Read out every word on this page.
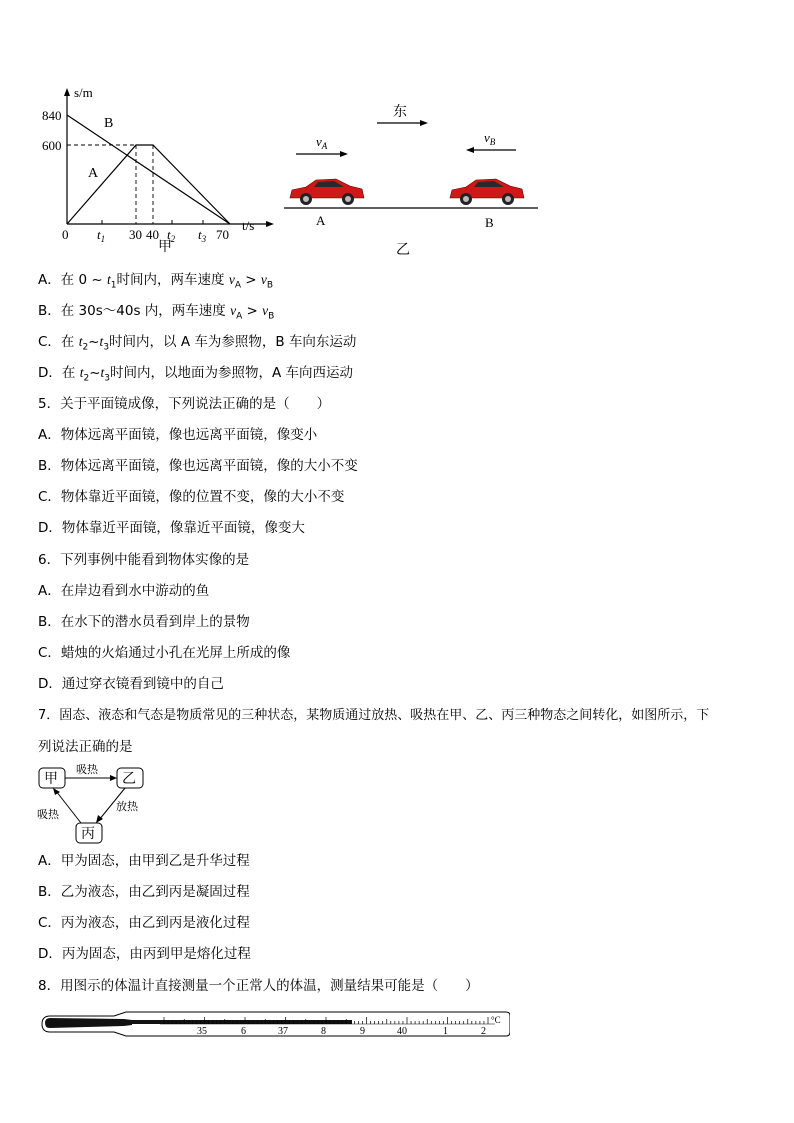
s/m
840
600
B
A
0 $t_1$ 30 40 $t_2$ $t_3$ 70
t/s
甲
东
$v_A$
$v_B$
A	B
乙
A．在 0 ~ $t_1$时间内，两车速度 $v_A > v_B$
B．在 30s～40s 内，两车速度 $v_A > v_B$
C．在 $t_2\sim t_3$时间内，以 A 车为参照物，B 车向东运动
D．在 $t_2\sim t_3$时间内，以地面为参照物，A 车向西运动
5．关于平面镜成像，下列说法正确的是（　　）
A．物体远离平面镜，像也远离平面镜，像变小
B．物体远离平面镜，像也远离平面镜，像的大小不变
C．物体靠近平面镜，像的位置不变，像的大小不变
D．物体靠近平面镜，像靠近平面镜，像变大
6．下列事例中能看到物体实像的是
A．在岸边看到水中游动的鱼
B．在水下的潜水员看到岸上的景物
C．蜡烛的火焰通过小孔在光屏上所成的像
D．通过穿衣镜看到镜中的自己
7．固态、液态和气态是物质常见的三种状态，某物质通过放热、吸热在甲、乙、丙三种物态之间转化，如图所示，下
列说法正确的是
甲	乙
丙
吸热
放热
吸热
A．甲为固态，由甲到乙是升华过程
B．乙为液态，由乙到丙是凝固过程
C．丙为液态，由乙到丙是液化过程
D．丙为固态，由丙到甲是熔化过程
8．用图示的体温计直接测量一个正常人的体温，测量结果可能是（　　）
35	6	37	8	9	40	1	2
°C
